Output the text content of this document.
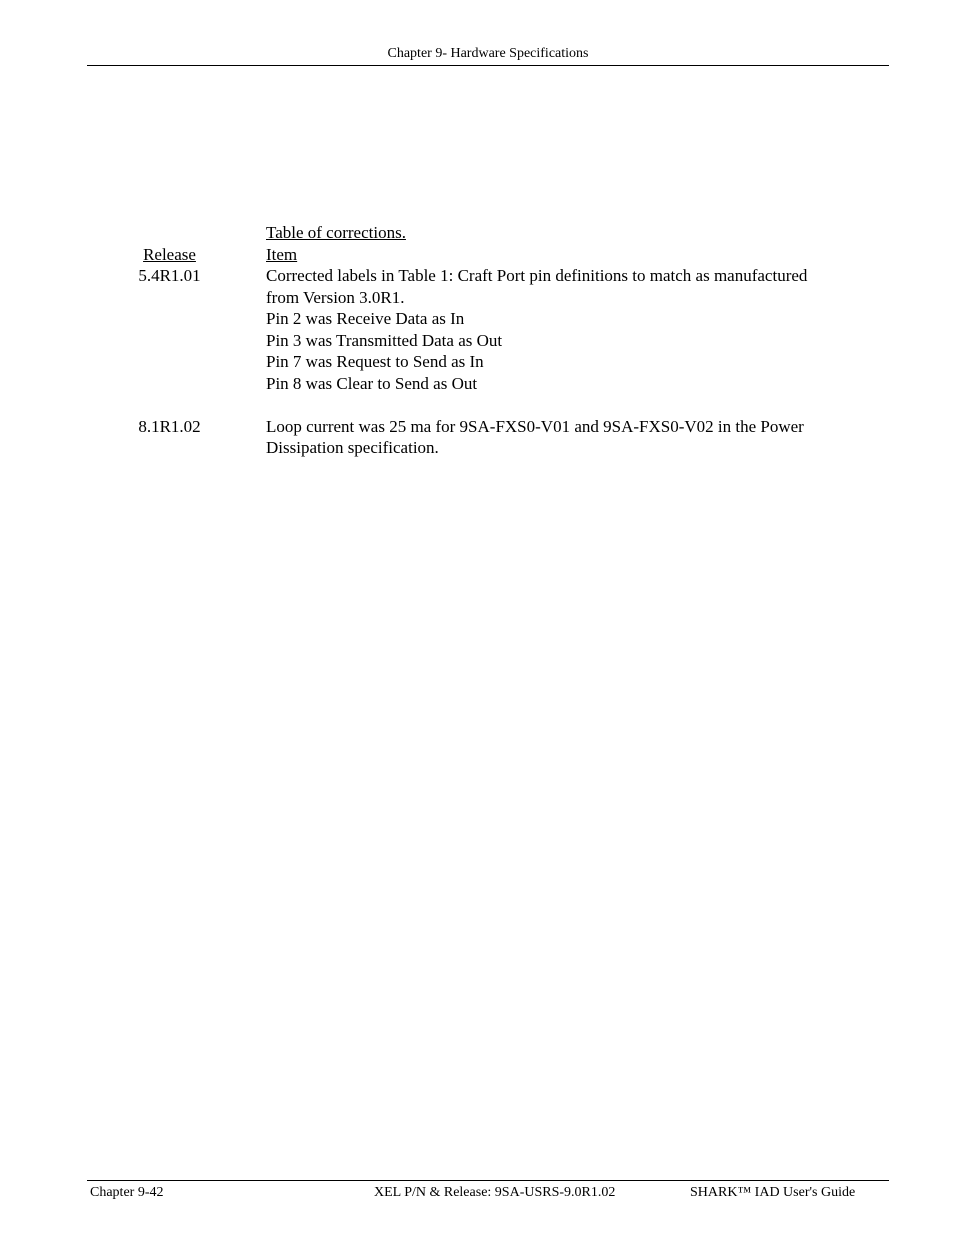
Chapter 9- Hardware Specifications
Table of corrections.
Release	Item
5.4R1.01	Corrected labels in Table 1: Craft Port pin definitions to match as manufactured
from Version 3.0R1.
Pin 2 was Receive Data as In
Pin 3 was Transmitted Data as Out
Pin 7 was Request to Send as In
Pin 8 was Clear to Send as Out
8.1R1.02	Loop current was 25 ma for 9SA-FXS0-V01 and 9SA-FXS0-V02 in the Power
Dissipation specification.
Chapter 9-42	XEL P/N & Release: 9SA-USRS-9.0R1.02	SHARK™ IAD User's Guide
